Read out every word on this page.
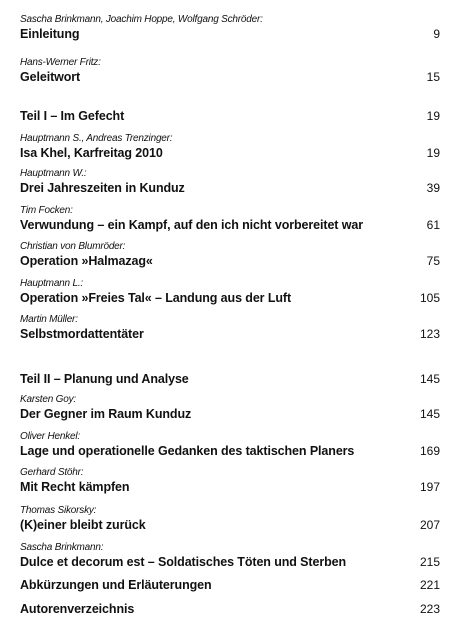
Sascha Brinkmann, Joachim Hoppe, Wolfgang Schröder:
Einleitung	9
Hans-Werner Fritz:
Geleitwort	15
Teil I – Im Gefecht	19
Hauptmann S., Andreas Trenzinger:
Isa Khel, Karfreitag 2010	19
Hauptmann W.:
Drei Jahreszeiten in Kunduz	39
Tim Focken:
Verwundung – ein Kampf, auf den ich nicht vorbereitet war	61
Christian von Blumröder:
Operation »Halmazag«	75
Hauptmann L.:
Operation »Freies Tal« – Landung aus der Luft	105
Martin Müller:
Selbstmordattentäter	123
Teil II – Planung und Analyse	145
Karsten Goy:
Der Gegner im Raum Kunduz	145
Oliver Henkel:
Lage und operationelle Gedanken des taktischen Planers	169
Gerhard Stöhr:
Mit Recht kämpfen	197
Thomas Sikorsky:
(K)einer bleibt zurück	207
Sascha Brinkmann:
Dulce et decorum est – Soldatisches Töten und Sterben	215
Abkürzungen und Erläuterungen	221
Autorenverzeichnis	223
